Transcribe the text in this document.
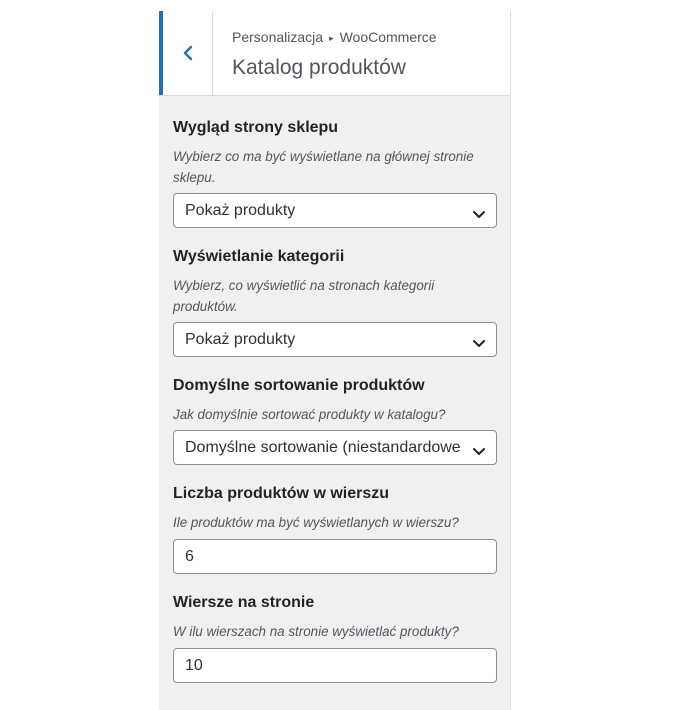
Personalizacja ▸ WooCommerce
Katalog produktów
Wygląd strony sklepu
Wybierz co ma być wyświetlane na głównej stronie sklepu.
Pokaż produkty
Wyświetlanie kategorii
Wybierz, co wyświetlić na stronach kategorii produktów.
Pokaż produkty
Domyślne sortowanie produktów
Jak domyślnie sortować produkty w katalogu?
Domyślne sortowanie (niestandardowe
Liczba produktów w wierszu
Ile produktów ma być wyświetlanych w wierszu?
6
Wiersze na stronie
W ilu wierszach na stronie wyświetlać produkty?
10
